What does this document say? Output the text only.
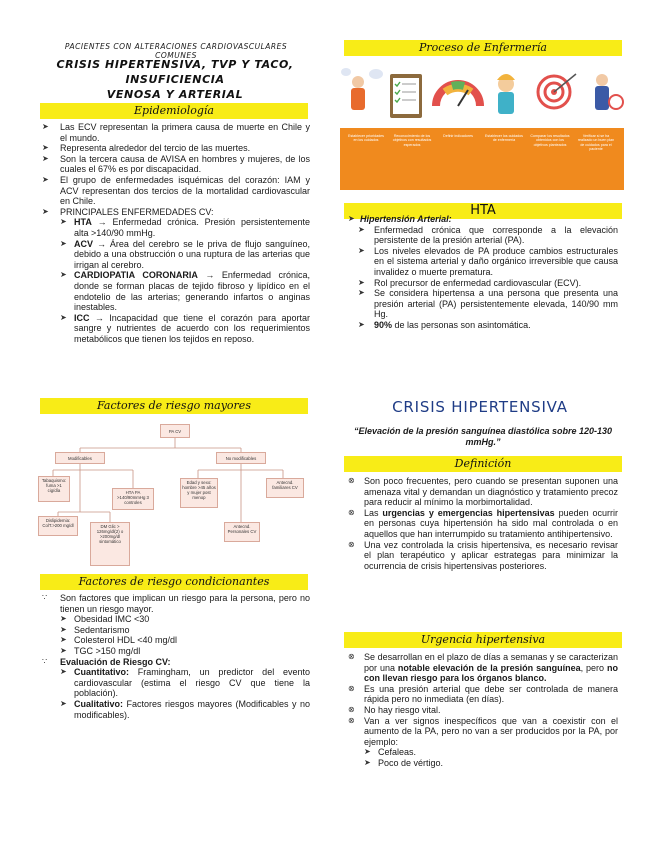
PACIENTES CON ALTERACIONES CARDIOVASCULARES COMUNES
CRISIS HIPERTENSIVA, TVP Y TACO, INSUFICIENCIA
VENOSA Y ARTERIAL
Epidemiología
➤ Las ECV representan la primera causa de muerte en Chile y el mundo.
➤ Representa alrededor del tercio de las muertes.
➤ Son la tercera causa de AVISA en hombres y mujeres, de los cuales el 67% es por discapacidad.
➤ El grupo de enfermedades isquémicas del corazón: IAM y ACV representan dos tercios de la mortalidad cardiovascular en Chile.
➤ PRINCIPALES ENFERMEDADES CV:
➤ HTA → Enfermedad crónica. Presión persistentemente alta >140/90 mmHg.
➤ ACV → Área del cerebro se le priva de flujo sanguíneo, debido a una obstrucción o una ruptura de las arterias que irrigan al cerebro.
➤ CARDIOPATIA CORONARIA → Enfermedad crónica, donde se forman placas de tejido fibroso y lipídico en el endotelio de las arterias; generando infartos o anginas inestables.
➤ ICC → Incapacidad que tiene el corazón para aportar sangre y nutrientes de acuerdo con los requerimientos metabólicos que tienen los tejidos en reposo.
Factores de riesgo mayores
PA CV
Modificables	No modificables
Tabaquismo: fuma >1 cig/día	HTA PA >140/90mmHg 3 controles
Dislipidemia: ColT.>200 mg/dl	DM Glic > 126mg/dl(2) o >200mg/dl sintomático
Edad y sexo: hombre >45 años y mujer post menop
Antecnd. familiares CV
Antecnd. Personales CV
Factores de riesgo condicionantes
∵ Son factores que implican un riesgo para la persona, pero no tienen un riesgo mayor.
➤ Obesidad IMC <30
➤ Sedentarismo
➤ Colesterol HDL <40 mg/dl
➤ TGC >150 mg/dl
∵ Evaluación de Riesgo CV:
➤ Cuantitativo: Framingham, un predictor del evento cardiovascular (estima el riesgo CV que tiene la población).
➤ Cualitativo: Factores riesgos mayores (Modificables y no modificables).
Proceso de Enfermería
Establecer prioridades en los cuidados
Reconocimiento de los objetivos con resultados esperados
Definir indicadores	Establecer los cuidados de enfermería
Comparar los resultados obtenidos con los objetivos planteados
Verificar si se ha realizado un buen plan de cuidados para el paciente
HTA
➤ Hipertensión Arterial:
➤ Enfermedad crónica que corresponde a la elevación persistente de la presión arterial (PA).
➤ Los niveles elevados de PA produce cambios estructurales en el sistema arterial y daño orgánico irreversible que causa invalidez o muerte prematura.
➤ Rol precursor de enfermedad cardiovascular (ECV).
➤ Se considera hipertensa a una persona que presenta una presión arterial (PA) persistentemente elevada, 140/90 mm Hg.
➤ 90% de las personas son asintomática.
CRISIS HIPERTENSIVA
“Elevación de la presión sanguínea diastólica sobre 120-130 mmHg.”
Definición
⊗ Son poco frecuentes, pero cuando se presentan suponen una amenaza vital y demandan un diagnóstico y tratamiento precoz para reducir al mínimo la morbimortalidad.
⊗ Las urgencias y emergencias hipertensivas pueden ocurrir en personas cuya hipertensión ha sido mal controlada o en aquellos que han interrumpido su tratamiento antihipertensivo.
⊗ Una vez controlada la crisis hipertensiva, es necesario revisar el plan terapéutico y aplicar estrategas para minimizar la ocurrencia de crisis hipertensivas posteriores.
Urgencia hipertensiva
⊗ Se desarrollan en el plazo de días a semanas y se caracterizan por una notable elevación de la presión sanguínea, pero no con llevan riesgo para los órganos blanco.
⊗ Es una presión arterial que debe ser controlada de manera rápida pero no inmediata (en días).
⊗ No hay riesgo vital.
⊗ Van a ver signos inespecíficos que van a coexistir con el aumento de la PA, pero no van a ser producidos por la PA, por ejemplo:
➤ Cefaleas.
➤ Poco de vértigo.
